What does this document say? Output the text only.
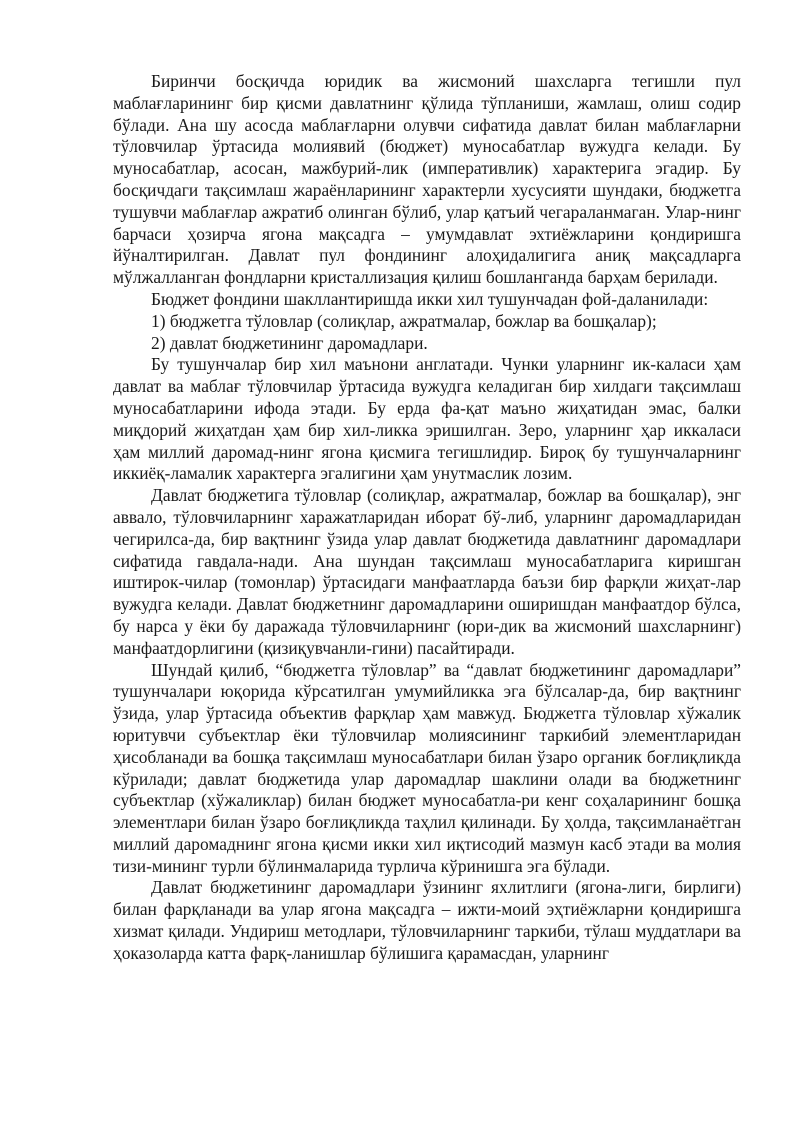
Биринчи босқичда юридик ва жисмоний шахсларга тегишли пул маблағларининг бир қисми давлатнинг қўлида тўпланиши, жамлаш, олиш содир бўлади. Ана шу асосда маблағларни олувчи сифатида давлат билан маблағларни тўловчилар ўртасида молиявий (бюджет) муносабатлар вужудга келади. Бу муносабатлар, асосан, мажбурий-лик (императивлик) характерига эгадир. Бу босқичдаги тақсимлаш жараёнларининг характерли хусусияти шундаки, бюджетга тушувчи маблағлар ажратиб олинган бўлиб, улар қатъий чегараланмаган. Улар-нинг барчаси ҳозирча ягона мақсадга – умумдавлат эхтиёжларини қондиришга йўналтирилган. Давлат пул фондининг алоҳидалигига аниқ мақсадларга мўлжалланган фондларни кристаллизация қилиш бошланганда барҳам берилади.

Бюджет фондини шакллантиришда икки хил тушунчадан фой-даланилади:

1) бюджетга тўловлар (солиқлар, ажратмалар, божлар ва бошқалар);

2) давлат бюджетининг даромадлари.

Бу тушунчалар бир хил маънони англатади. Чунки уларнинг ик-каласи ҳам давлат ва маблағ тўловчилар ўртасида вужудга келадиган бир хилдаги тақсимлаш муносабатларини ифода этади. Бу ерда фа-қат маъно жиҳатидан эмас, балки миқдорий жиҳатдан ҳам бир хил-ликка эришилган. Зеро, уларнинг ҳар иккаласи ҳам миллий даромад-нинг ягона қисмига тегишлидир. Бироқ бу тушунчаларнинг иккиёқ-ламалик характерга эгалигини ҳам унутмаслик лозим.

Давлат бюджетига тўловлар (солиқлар, ажратмалар, божлар ва бошқалар), энг аввало, тўловчиларнинг харажатларидан иборат бў-либ, уларнинг даромадларидан чегирилса-да, бир вақтнинг ўзида улар давлат бюджетида давлатнинг даромадлари сифатида гавдала-нади. Ана шундан тақсимлаш муносабатларига киришган иштирок-чилар (томонлар) ўртасидаги манфаатларда баъзи бир фарқли жиҳат-лар вужудга келади. Давлат бюджетнинг даромадларини оширишдан манфаатдор бўлса, бу нарса у ёки бу даражада тўловчиларнинг (юри-дик ва жисмоний шахсларнинг) манфаатдорлигини (қизиқувчанли-гини) пасайтиради.

Шундай қилиб, “бюджетга тўловлар” ва “давлат бюджетининг даромадлари” тушунчалари юқорида кўрсатилган умумийликка эга бўлсалар-да, бир вақтнинг ўзида, улар ўртасида объектив фарқлар ҳам мавжуд. Бюджетга тўловлар хўжалик юритувчи субъектлар ёки тўловчилар молиясининг таркибий элементларидан ҳисобланади ва бошқа тақсимлаш муносабатлари билан ўзаро органик боғлиқликда кўрилади; давлат бюджетида улар даромадлар шаклини олади ва бюджетнинг субъектлар (хўжаликлар) билан бюджет муносабатла-ри кенг соҳаларининг бошқа элементлари билан ўзаро боғлиқликда таҳлил қилинади. Бу ҳолда, тақсимланаётган миллий даромаднинг ягона қисми икки хил иқтисодий мазмун касб этади ва молия тизи-мининг турли бўлинмаларида турлича кўринишга эга бўлади.

Давлат бюджетининг даромадлари ўзининг яхлитлиги (ягона-лиги, бирлиги) билан фарқланади ва улар ягона мақсадга – ижти-моий эҳтиёжларни қондиришга хизмат қилади. Ундириш методлари, тўловчиларнинг таркиби, тўлаш муддатлари ва ҳоказоларда катта фарқ-ланишлар бўлишига қарамасдан, уларнинг
